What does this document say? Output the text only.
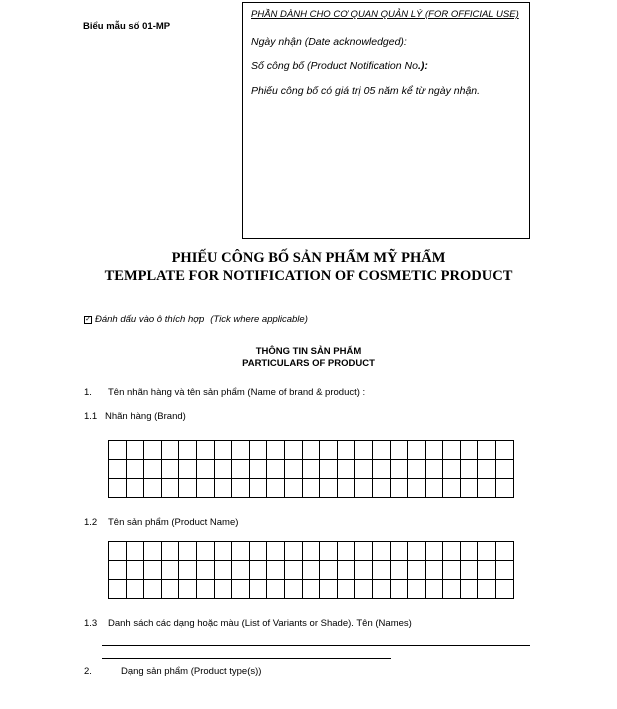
Biểu mẫu số 01-MP
PHẦN DÀNH CHO CƠ QUAN QUẢN LÝ (FOR OFFICIAL USE)
Ngày nhận (Date acknowledged):
Số công bố (Product Notification No.):
Phiếu công bố có giá trị 05 năm kể từ ngày nhận.
PHIẾU CÔNG BỐ SẢN PHẨM MỸ PHẨM
TEMPLATE FOR NOTIFICATION OF COSMETIC PRODUCT
✓ Đánh dấu vào ô thích hợp (Tick where applicable)
THÔNG TIN SẢN PHẨM
PARTICULARS OF PRODUCT
1. Tên nhãn hàng và tên sản phẩm (Name of brand & product) :
1.1 Nhãn hàng (Brand)

1.2 Tên sản phẩm (Product Name)

1.3 Danh sách các dạng hoặc màu (List of Variants or Shade). Tên (Names)
2.	Dạng sản phẩm (Product type(s))
